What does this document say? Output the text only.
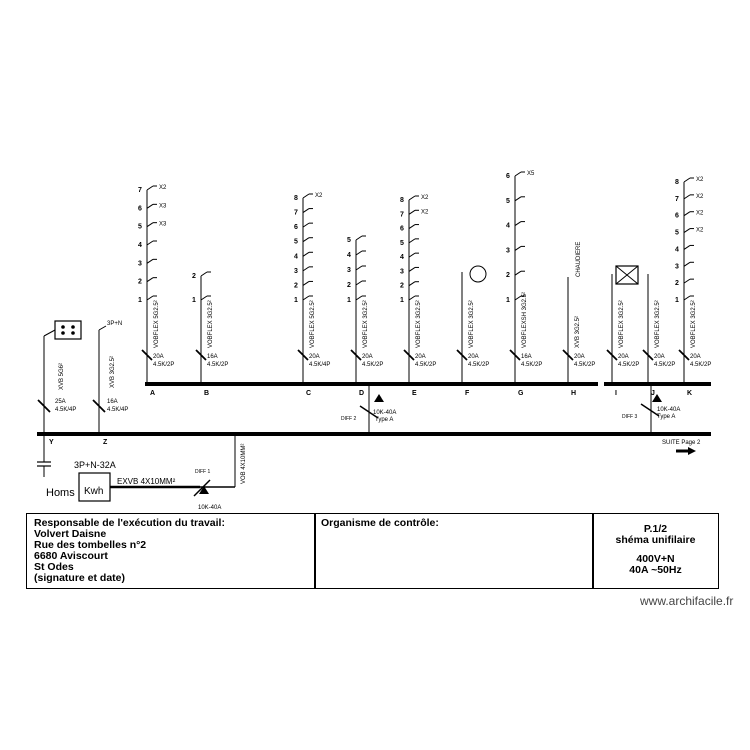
SUITE Page 2
DIFF 2
10K-40A
Type A	DIFF 3
10K-40A
Type A
20A
4.5K/2P
VOBFLEX 5G2.5²
A
7	X2
6	X3
5	X3
4
3
2
1
16A
4.5K/2P
VOBFLEX 3G2.5²
B
2
1
20A
4.5K/4P
VOBFLEX 5G2.5²
C
8	X2
7
6
5
4
3
2
1
20A
4.5K/2P
VOBFLEX 3G2.5²
D
5
4
3
2
1
20A
4.5K/2P
VOBFLEX 3G2.5²
E
8	X2
7	X2
6
5
4
3
2
1
20A
4.5K/2P
VOBFLEX 3G2.5²
F
16A
4.5K/2P
VOBFLEXSH 3G2.5²
G
6	X5
5
4
3
2
1
20A
4.5K/2P
XVB 3G2.5²
H
CHAUDIERE
20A
4.5K/2P
VOBFLEX 3G2.5²
I
20A
4.5K/2P
VOBFLEX 3G2.5²
J
20A
4.5K/2P
VOBFLEX 3G2.5²
K
8	X2
7	X2
6	X2
5	X2
4
3
2
1
XVB 5G6²
25A
4.5K/4P
Y
3P+N
XVB 3G2.5²
16A
4.5K/4P
Z
Kwh
3P+N-32A
Homs
EXVB 4X10MM²	VOB 4X10MM²
DIFF 1
10K-40A
www.archifacile.fr
Responsable de l'exécution du travail:
Volvert Daisne
Rue des tombelles n°2
6680 Aviscourt
St Odes
(signature et date)
Organisme de contrôle:	P.1/2
shéma unifilaire
400V+N
40A ~50Hz
